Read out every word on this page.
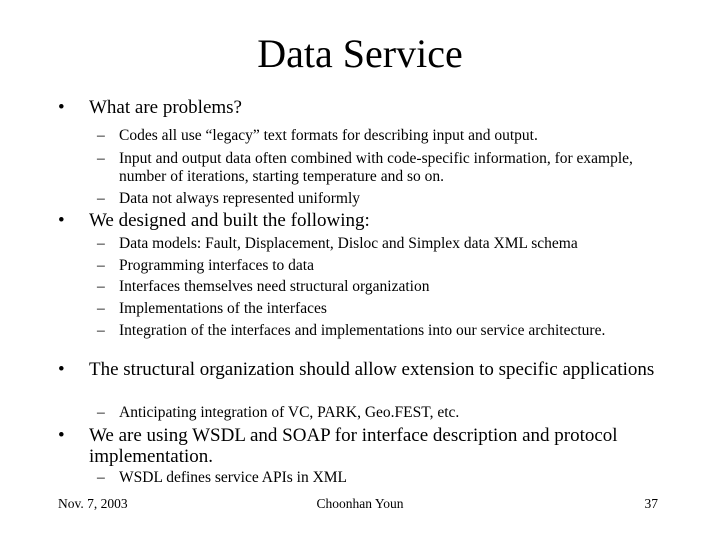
Data Service
• What are problems?
– Codes all use “legacy” text formats for describing input and output.
– Input and output data often combined with code-specific information, for example, number of iterations, starting temperature and so on.
– Data not always represented uniformly
• We designed and built the following:
– Data models: Fault, Displacement, Disloc and Simplex data XML schema
– Programming interfaces to data
– Interfaces themselves need structural organization
– Implementations of the interfaces
– Integration of the interfaces and implementations into our service architecture.
• The structural organization should allow extension to specific applications
– Anticipating integration of VC, PARK, Geo.FEST, etc.
• We are using WSDL and SOAP for interface description and protocol implementation.
– WSDL defines service APIs in XML
Nov. 7, 2003	Choonhan Youn	37
